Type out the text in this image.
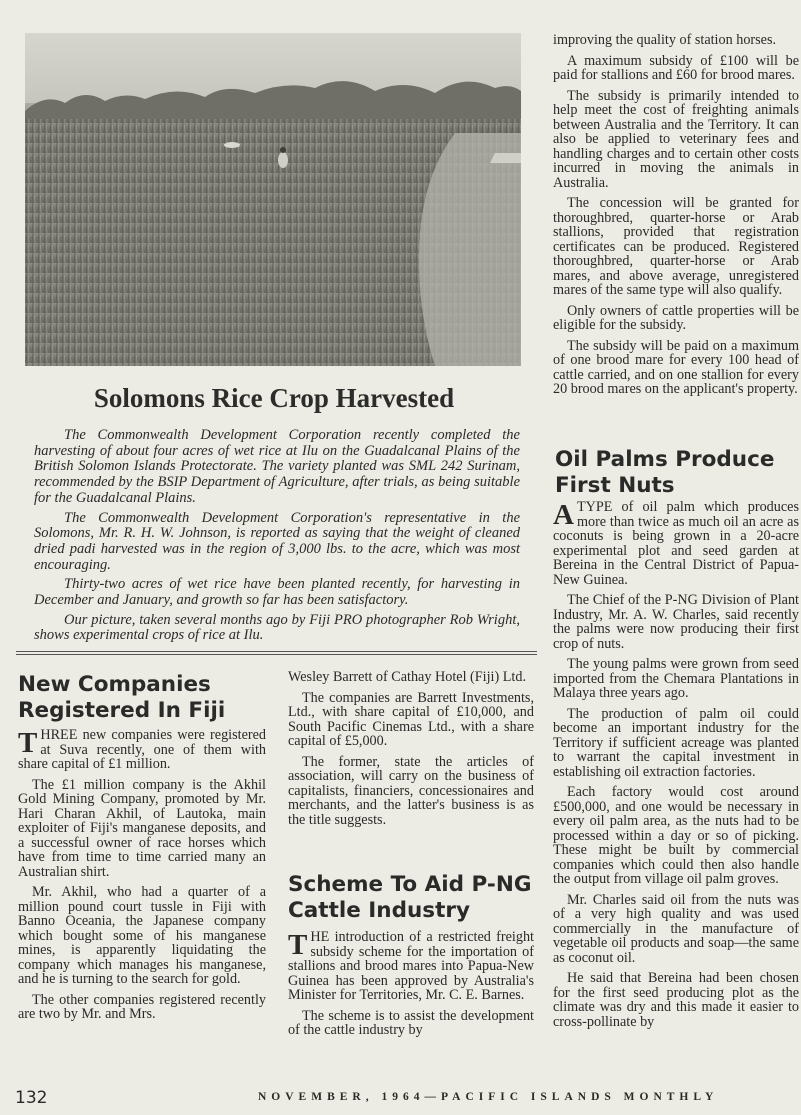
Solomons Rice Crop Harvested

The Commonwealth Development Corporation recently completed the harvesting of about four acres of wet rice at Ilu on the Guadalcanal Plains of the British Solomon Islands Protectorate. The variety planted was SML 242 Surinam, recommended by the BSIP Department of Agriculture, after trials, as being suitable for the Guadalcanal Plains.

The Commonwealth Development Corporation's representative in the Solomons, Mr. R. H. W. Johnson, is reported as saying that the weight of cleaned dried padi harvested was in the region of 3,000 lbs. to the acre, which was most encouraging.

Thirty-two acres of wet rice have been planted recently, for harvesting in December and January, and growth so far has been satisfactory.

Our picture, taken several months ago by Fiji PRO photographer Rob Wright, shows experimental crops of rice at Ilu.

New Companies Registered In Fiji

THREE new companies were registered at Suva recently, one of them with share capital of £1 million.

The £1 million company is the Akhil Gold Mining Company, promoted by Mr. Hari Charan Akhil, of Lautoka, main exploiter of Fiji's manganese deposits, and a successful owner of race horses which have from time to time carried many an Australian shirt.

Mr. Akhil, who had a quarter of a million pound court tussle in Fiji with Banno Oceania, the Japanese company which bought some of his manganese mines, is apparently liquidating the company which manages his manganese, and he is turning to the search for gold.

The other companies registered recently are two by Mr. and Mrs.

Wesley Barrett of Cathay Hotel (Fiji) Ltd.

The companies are Barrett Investments, Ltd., with share capital of £10,000, and South Pacific Cinemas Ltd., with a share capital of £5,000.

The former, state the articles of association, will carry on the business of capitalists, financiers, concessionaires and merchants, and the latter's business is as the title suggests.

Scheme To Aid P-NG Cattle Industry

THE introduction of a restricted freight subsidy scheme for the importation of stallions and brood mares into Papua-New Guinea has been approved by Australia's Minister for Territories, Mr. C. E. Barnes.

The scheme is to assist the development of the cattle industry by

improving the quality of station horses.

A maximum subsidy of £100 will be paid for stallions and £60 for brood mares.

The subsidy is primarily intended to help meet the cost of freighting animals between Australia and the Territory. It can also be applied to veterinary fees and handling charges and to certain other costs incurred in moving the animals in Australia.

The concession will be granted for thoroughbred, quarter-horse or Arab stallions, provided that registration certificates can be produced. Registered thoroughbred, quarter-horse or Arab mares, and above average, unregistered mares of the same type will also qualify.

Only owners of cattle properties will be eligible for the subsidy.

The subsidy will be paid on a maximum of one brood mare for every 100 head of cattle carried, and on one stallion for every 20 brood mares on the applicant's property.

Oil Palms Produce First Nuts

ATYPE of oil palm which produces more than twice as much oil an acre as coconuts is being grown in a 20-acre experimental plot and seed garden at Bereina in the Central District of Papua-New Guinea.

The Chief of the P-NG Division of Plant Industry, Mr. A. W. Charles, said recently the palms were now producing their first crop of nuts.

The young palms were grown from seed imported from the Chemara Plantations in Malaya three years ago.

The production of palm oil could become an important industry for the Territory if sufficient acreage was planted to warrant the capital investment in establishing oil extraction factories.

Each factory would cost around £500,000, and one would be necessary in every oil palm area, as the nuts had to be processed within a day or so of picking. These might be built by commercial companies which could then also handle the output from village oil palm groves.

Mr. Charles said oil from the nuts was of a very high quality and was used commercially in the manufacture of vegetable oil products and soap—the same as coconut oil.

He said that Bereina had been chosen for the first seed producing plot as the climate was dry and this made it easier to cross-pollinate by

132	NOVEMBER, 1964—PACIFIC ISLANDS MONTHLY
